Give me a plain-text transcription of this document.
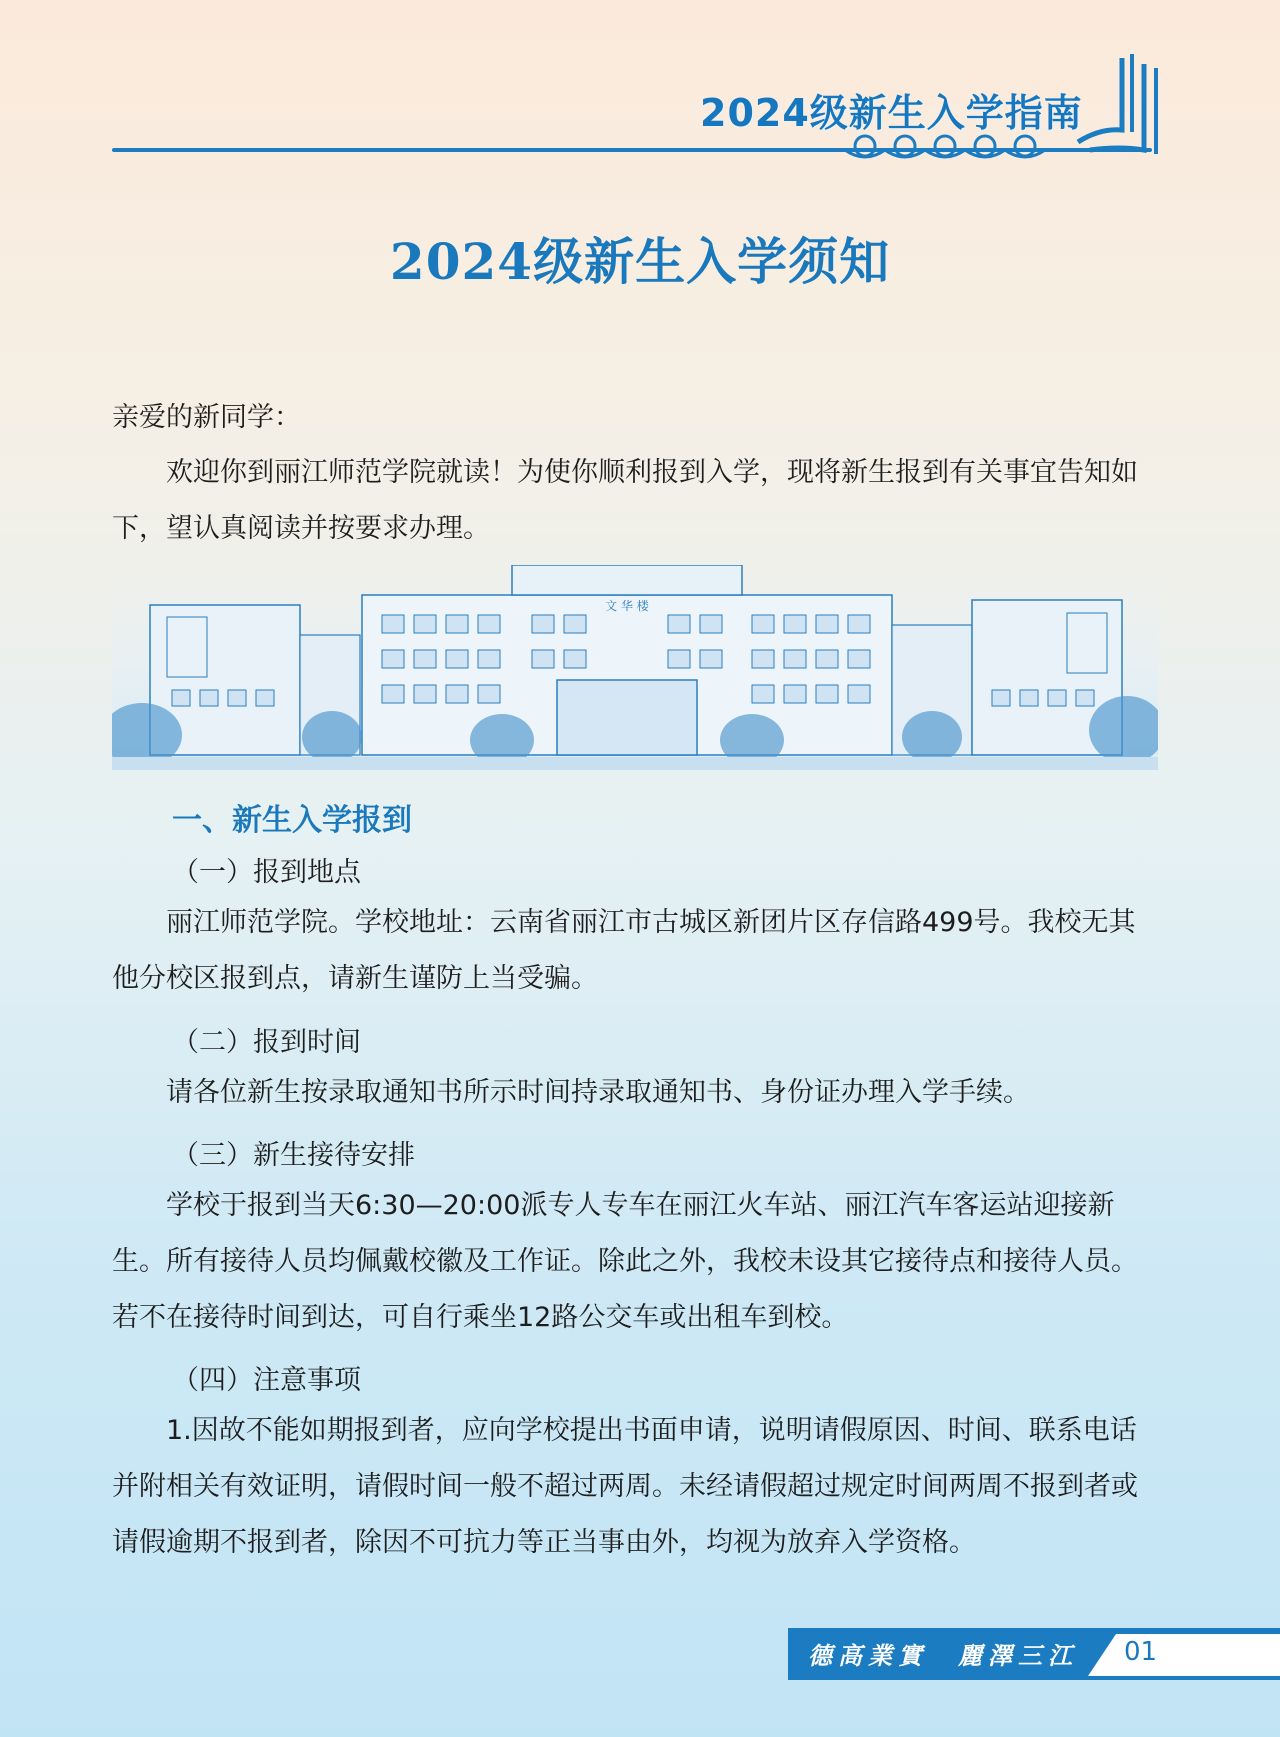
2024级新生入学指南
2024级新生入学须知
亲爱的新同学：
欢迎你到丽江师范学院就读！为使你顺利报到入学，现将新生报到有关事宜告知如下，望认真阅读并按要求办理。
文 华 楼
一、新生入学报到
（一）报到地点
丽江师范学院。学校地址：云南省丽江市古城区新团片区存信路499号。我校无其他分校区报到点，请新生谨防上当受骗。
（二）报到时间
请各位新生按录取通知书所示时间持录取通知书、身份证办理入学手续。
（三）新生接待安排
学校于报到当天6:30—20:00派专人专车在丽江火车站、丽江汽车客运站迎接新生。所有接待人员均佩戴校徽及工作证。除此之外，我校未设其它接待点和接待人员。若不在接待时间到达，可自行乘坐12路公交车或出租车到校。
（四）注意事项
1.因故不能如期报到者，应向学校提出书面申请，说明请假原因、时间、联系电话并附相关有效证明，请假时间一般不超过两周。未经请假超过规定时间两周不报到者或请假逾期不报到者，除因不可抗力等正当事由外，均视为放弃入学资格。
德高業實　麗澤三江 01
